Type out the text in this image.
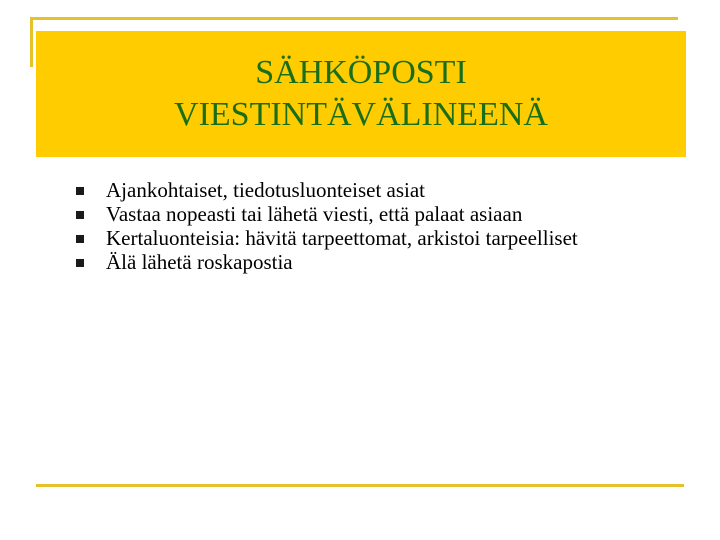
SÄHKÖPOSTI
VIESTINTÄVÄLINEENÄ
Ajankohtaiset, tiedotusluonteiset asiat
Vastaa nopeasti tai lähetä viesti, että palaat asiaan
Kertaluonteisia: hävitä tarpeettomat, arkistoi tarpeelliset
Älä lähetä roskapostia
